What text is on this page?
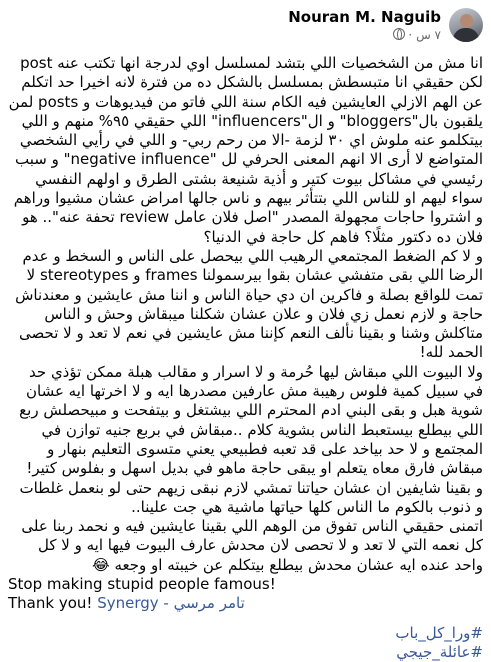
Nouran M. Naguib
٧ س ·
انا مش من الشخصيات اللي بتشد لمسلسل اوي لدرجة انها تكتب عنه post لكن حقيقي انا متبسطش بمسلسل بالشكل ده من فترة لانه اخيرا حد اتكلم عن الهم الازلي العايشين فيه الكام سنة اللي فاتو من فيديوهات و posts لمن يلقبون بال"bloggers" و ال"influencers" اللي حقيقي ٩٥% منهم و اللي بيتكلمو عنه ملوش اي ٣٠ لزمة -الا من رحم ربي- و اللي في رأيي الشخصي المتواضع لا أرى الا انهم المعنى الحرفي لل "negative influence" و سبب رئيسي في مشاكل بيوت كتير و أذية شنيعة بشتى الطرق و اولهم النفسي سواء ليهم او للناس اللي بتتأثر بيهم و ناس جالها امراض عشان مشيوا وراهم و اشتروا حاجات مجهولة المصدر "اصل فلان عامل review تحفة عنه".. هو فلان ده دكتور مثلًا؟ فاهم كل حاجة في الدنيا؟
و لا كم الضغط المجتمعي الرهيب اللي بيحصل على الناس و السخط و عدم الرضا اللي بقى متفشي عشان بقوا بيرسمولنا frames و stereotypes لا تمت للواقع بصلة و فاكرين ان دي حياة الناس و اننا مش عايشين و معندناش حاجة و لازم نعمل زي فلان و علان عشان شكلنا ميبقاش وحش و الناس متاكلش وشنا و بقينا نألف النعم كإننا مش عايشين في نعم لا تعد و لا تحصى الحمد لله!
ولا البيوت اللي مبقاش ليها حُرمة و لا اسرار و مقالب هبلة ممكن تؤذي حد في سبيل كمية فلوس رهيبة مش عارفين مصدرها ايه و لا اخرتها ايه عشان شوية هبل و بقى البني ادم المحترم اللي بيشتغل و بيتفحت و مبيحصلش ربع اللي بيطلع بيستعبط الناس بشوية كلام ..مبقاش في بربع جنيه توازن في المجتمع و لا حد بياخد على قد تعبه فطبيعي يعني متسوى التعليم بنهار و مبقاش فارق معاه يتعلم او يبقى حاجة ماهو في بديل اسهل و بفلوس كتير!
و بقينا شايفين ان عشان حياتنا تمشي لازم نبقى زيهم حتى لو بنعمل غلطات و ذنوب بالكوم ما الناس كلها حياتها ماشية هي جت علينا..
اتمنى حقيقي الناس تفوق من الوهم اللي بقينا عايشين فيه و نحمد ربنا على كل نعمه التي لا تعد و لا تحصى لان محدش عارف البيوت فيها ايه و لا كل واحد عنده ايه عشان محدش بيطلع بيتكلم عن خيبته او وجعه 😂
Stop making stupid people famous!
Thank you! Synergy - تامر مرسي
#ورا_كل_باب
#عائلة_جيجي
